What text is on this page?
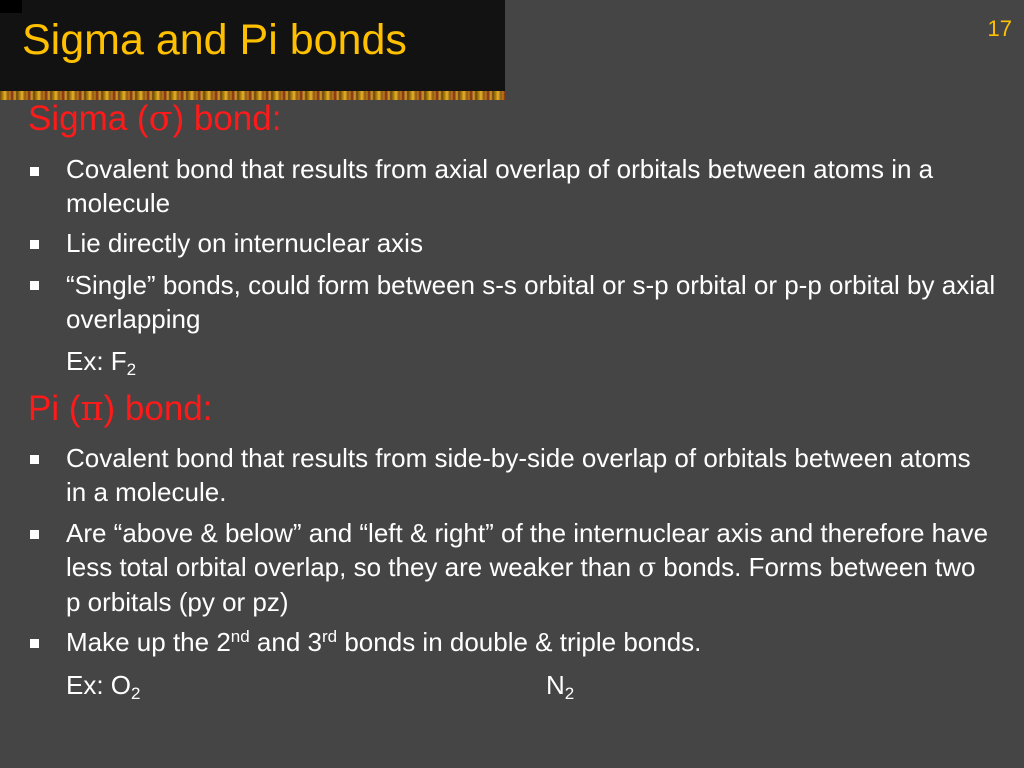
Sigma and Pi bonds	17
Sigma (σ) bond:
Covalent bond that results from axial overlap of orbitals between atoms in a molecule
Lie directly on internuclear axis
“Single” bonds, could form between s-s orbital or s-p orbital or p-p orbital by axial overlapping
Ex: $F_2$
Pi (π) bond:
Covalent bond that results from side-by-side overlap of orbitals between atoms in a molecule.
Are “above & below” and “left & right” of the internuclear axis and therefore have less total orbital overlap, so they are weaker than σ bonds. Forms between two p orbitals (py or pz)
Make up the 2nd and 3rd bonds in double & triple bonds.
Ex: $O_2$	$N_2$
